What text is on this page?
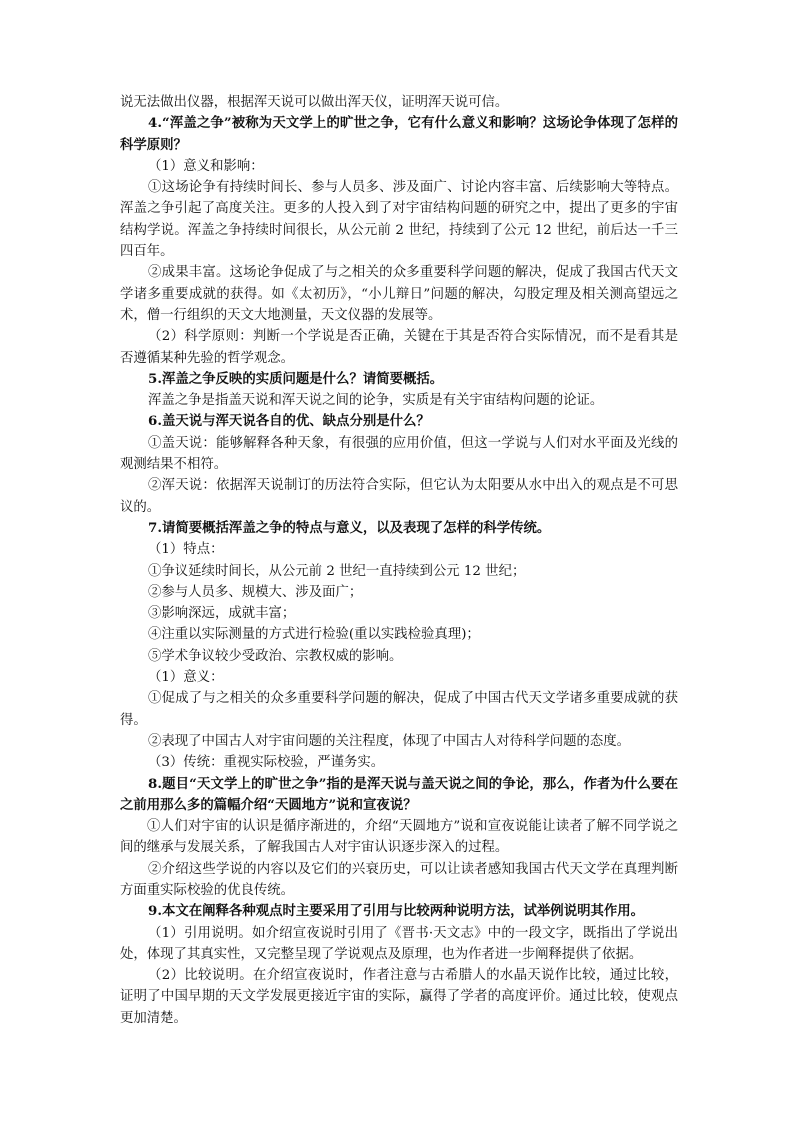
说无法做出仪器，根据浑天说可以做出浑天仪，证明浑天说可信。

4.“浑盖之争”被称为天文学上的旷世之争，它有什么意义和影响？这场论争体现了怎样的科学原则？

（1）意义和影响：

①这场论争有持续时间长、参与人员多、涉及面广、讨论内容丰富、后续影响大等特点。浑盖之争引起了高度关注。更多的人投入到了对宇宙结构问题的研究之中，提出了更多的宇宙结构学说。浑盖之争持续时间很长，从公元前 2 世纪，持续到了公元 12 世纪，前后达一千三四百年。

②成果丰富。这场论争促成了与之相关的众多重要科学问题的解决，促成了我国古代天文学诸多重要成就的获得。如《太初历》，“小儿辩日”问题的解决，勾股定理及相关测高望远之术，僧一行组织的天文大地测量，天文仪器的发展等。

（2）科学原则：判断一个学说是否正确，关键在于其是否符合实际情况，而不是看其是否遵循某种先验的哲学观念。

5.浑盖之争反映的实质问题是什么？请简要概括。

浑盖之争是指盖天说和浑天说之间的论争，实质是有关宇宙结构问题的论证。

6.盖天说与浑天说各自的优、缺点分别是什么？

①盖天说：能够解释各种天象，有很强的应用价值，但这一学说与人们对水平面及光线的观测结果不相符。

②浑天说：依据浑天说制订的历法符合实际，但它认为太阳要从水中出入的观点是不可思议的。

7.请简要概括浑盖之争的特点与意义，以及表现了怎样的科学传统。

（1）特点：

①争议延续时间长，从公元前 2 世纪一直持续到公元 12 世纪；

②参与人员多、规模大、涉及面广；

③影响深远，成就丰富；

④注重以实际测量的方式进行检验(重以实践检验真理)；

⑤学术争议较少受政治、宗教权威的影响。

（1）意义：

①促成了与之相关的众多重要科学问题的解决，促成了中国古代天文学诸多重要成就的获得。

②表现了中国古人对宇宙问题的关注程度，体现了中国古人对待科学问题的态度。

（3）传统：重视实际校验，严谨务实。

8.题目“天文学上的旷世之争”指的是浑天说与盖天说之间的争论，那么，作者为什么要在之前用那么多的篇幅介绍“天圆地方”说和宣夜说？

①人们对宇宙的认识是循序渐进的，介绍“天圆地方”说和宣夜说能让读者了解不同学说之间的继承与发展关系，了解我国古人对宇宙认识逐步深入的过程。

②介绍这些学说的内容以及它们的兴衰历史，可以让读者感知我国古代天文学在真理判断方面重实际校验的优良传统。

9.本文在阐释各种观点时主要采用了引用与比较两种说明方法，试举例说明其作用。

（1）引用说明。如介绍宣夜说时引用了《晋书·天文志》中的一段文字，既指出了学说出处，体现了其真实性，又完整呈现了学说观点及原理，也为作者进一步阐释提供了依据。

（2）比较说明。在介绍宣夜说时，作者注意与古希腊人的水晶天说作比较，通过比较，证明了中国早期的天文学发展更接近宇宙的实际，赢得了学者的高度评价。通过比较，使观点更加清楚。
